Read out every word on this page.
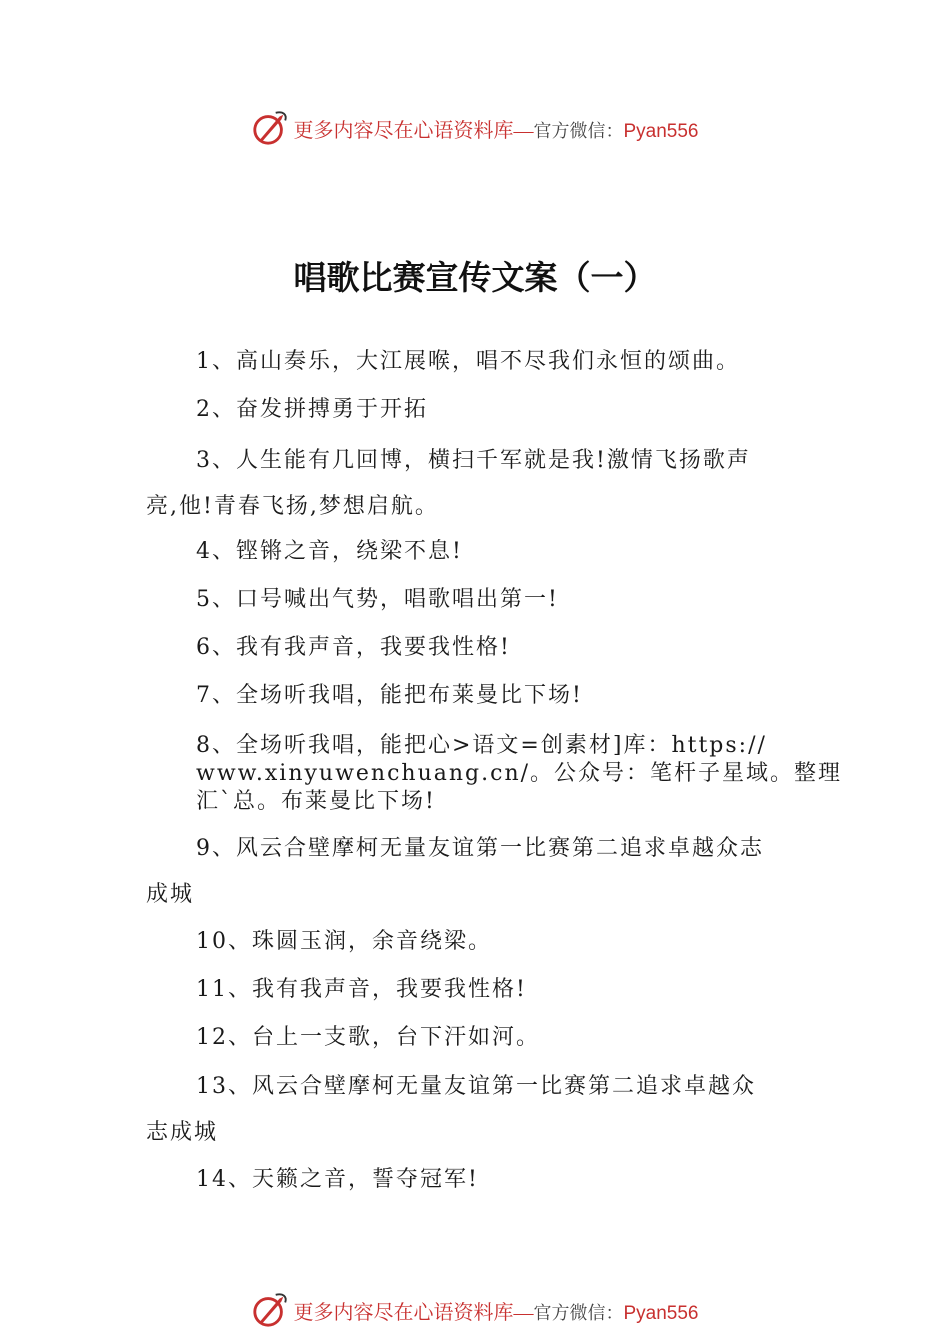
更多内容尽在心语资料库—官方微信：Pyan556
唱歌比赛宣传文案（一）
1、高山奏乐，大江展喉，唱不尽我们永恒的颂曲。
2、奋发拼搏勇于开拓
3、人生能有几回博，横扫千军就是我!激情飞扬歌声
亮,他!青春飞扬,梦想启航。
4、铿锵之音，绕梁不息!
5、口号喊出气势，唱歌唱出第一!
6、我有我声音，我要我性格!
7、全场听我唱，能把布莱曼比下场!
8、全场听我唱，能把心>语文=创素材]库：https://
www.xinyuwenchuang.cn/。公众号：笔杆子星域。整理
汇`总。布莱曼比下场!
9、风云合壁摩柯无量友谊第一比赛第二追求卓越众志
成城
10、珠圆玉润，余音绕梁。
11、我有我声音，我要我性格!
12、台上一支歌，台下汗如河。
13、风云合壁摩柯无量友谊第一比赛第二追求卓越众
志成城
14、天籁之音，誓夺冠军!
更多内容尽在心语资料库—官方微信：Pyan556
